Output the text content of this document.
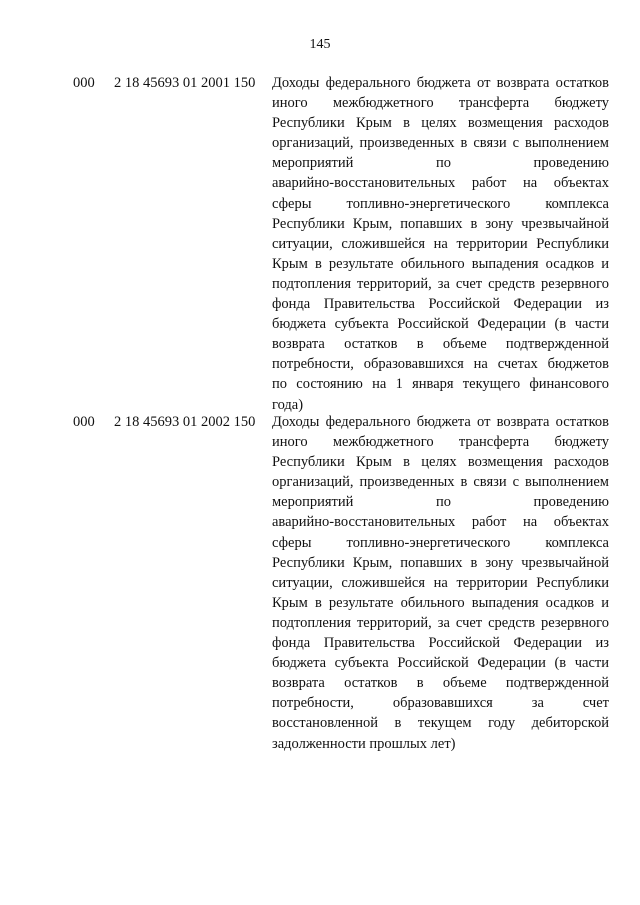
145
000 2 18 45693 01 2001 150 Доходы федерального бюджета от возврата остатков
иного межбюджетного трансферта бюджету
Республики Крым в целях возмещения расходов
организаций, произведенных в связи с выполнением
мероприятий по проведению
аварийно-восстановительных работ на объектах
сферы топливно-энергетического комплекса
Республики Крым, попавших в зону чрезвычайной
ситуации, сложившейся на территории Республики
Крым в результате обильного выпадения осадков и
подтопления территорий, за счет средств резервного
фонда Правительства Российской Федерации из
бюджета субъекта Российской Федерации (в части
возврата остатков в объеме подтвержденной
потребности, образовавшихся на счетах бюджетов
по состоянию на 1 января текущего финансового
года)
000 2 18 45693 01 2002 150 Доходы федерального бюджета от возврата остатков
иного межбюджетного трансферта бюджету
Республики Крым в целях возмещения расходов
организаций, произведенных в связи с выполнением
мероприятий по проведению
аварийно-восстановительных работ на объектах
сферы топливно-энергетического комплекса
Республики Крым, попавших в зону чрезвычайной
ситуации, сложившейся на территории Республики
Крым в результате обильного выпадения осадков и
подтопления территорий, за счет средств резервного
фонда Правительства Российской Федерации из
бюджета субъекта Российской Федерации (в части
возврата остатков в объеме подтвержденной
потребности, образовавшихся за счет
восстановленной в текущем году дебиторской
задолженности прошлых лет)
